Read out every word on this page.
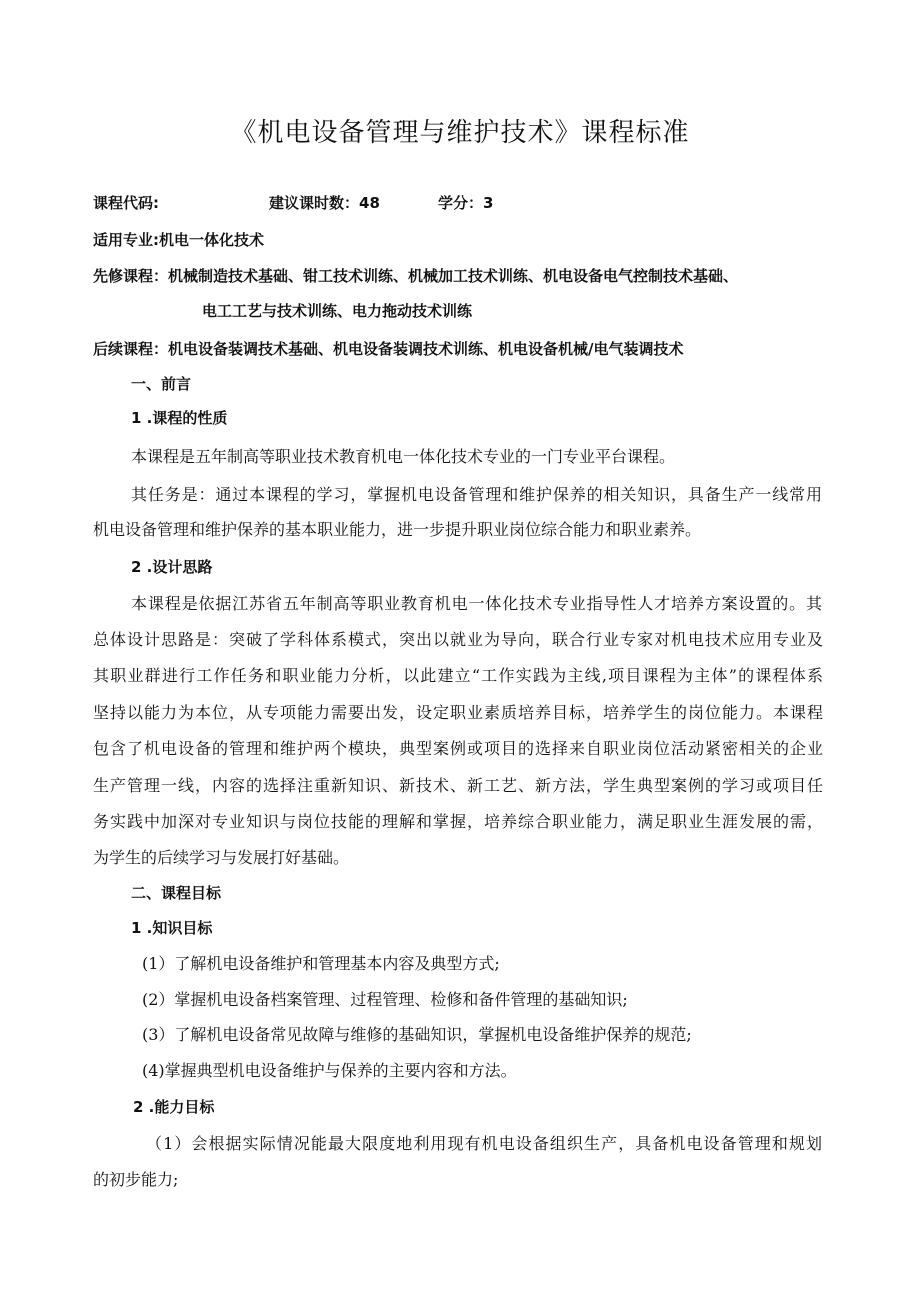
《机电设备管理与维护技术》课程标准
课程代码:	建议课时数：48	学分：3
适用专业:机电一体化技术
先修课程：机械制造技术基础、钳工技术训练、机械加工技术训练、机电设备电气控制技术基础、
电工工艺与技术训练、电力拖动技术训练
后续课程：机电设备装调技术基础、机电设备装调技术训练、机电设备机械/电气装调技术
一、前言
1 .课程的性质
本课程是五年制高等职业技术教育机电一体化技术专业的一门专业平台课程。
其任务是：通过本课程的学习，掌握机电设备管理和维护保养的相关知识，具备生产一线常用
机电设备管理和维护保养的基本职业能力，进一步提升职业岗位综合能力和职业素养。
2 .设计思路
本课程是依据江苏省五年制高等职业教育机电一体化技术专业指导性人才培养方案设置的。其
总体设计思路是：突破了学科体系模式，突出以就业为导向，联合行业专家对机电技术应用专业及
其职业群进行工作任务和职业能力分析，以此建立“工作实践为主线,项目课程为主体”的课程体系
坚持以能力为本位，从专项能力需要出发，设定职业素质培养目标，培养学生的岗位能力。本课程
包含了机电设备的管理和维护两个模块，典型案例或项目的选择来自职业岗位活动紧密相关的企业
生产管理一线，内容的选择注重新知识、新技术、新工艺、新方法，学生典型案例的学习或项目任
务实践中加深对专业知识与岗位技能的理解和掌握，培养综合职业能力，满足职业生涯发展的需，
为学生的后续学习与发展打好基础。
二、课程目标
1 .知识目标
(1）了解机电设备维护和管理基本内容及典型方式;
(2）掌握机电设备档案管理、过程管理、检修和备件管理的基础知识;
(3）了解机电设备常见故障与维修的基础知识，掌握机电设备维护保养的规范;
(4)掌握典型机电设备维护与保养的主要内容和方法。
2 .能力目标
（1）会根据实际情况能最大限度地利用现有机电设备组织生产，具备机电设备管理和规划
的初步能力;
